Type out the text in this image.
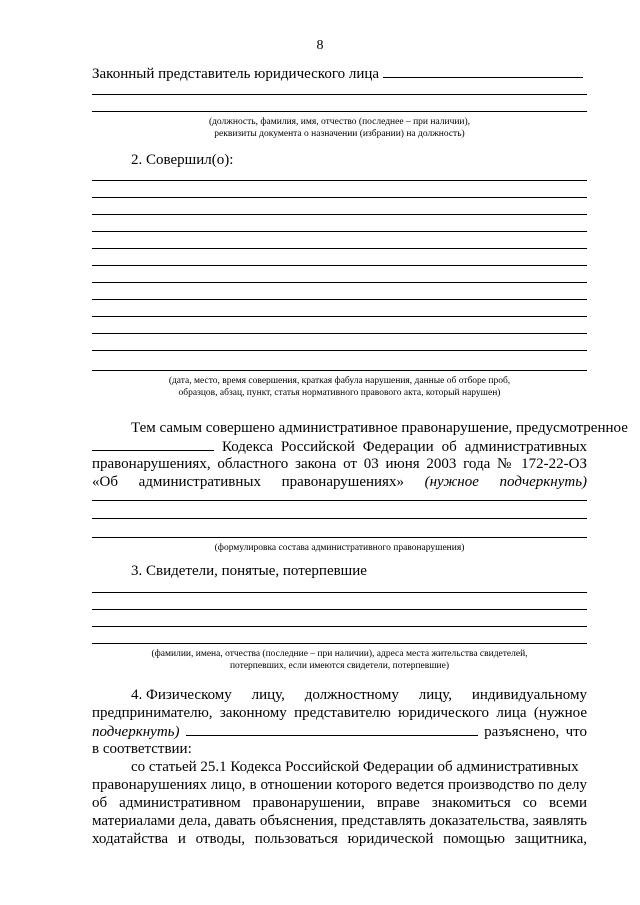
8
Законный представитель юридического лица
(должность, фамилия, имя, отчество (последнее – при наличии),
реквизиты документа о назначении (избрании) на должность)
2. Совершил(о):
(дата, место, время совершения, краткая фабула нарушения, данные об отборе проб,
образцов, абзац, пункт, статья нормативного правового акта, который нарушен)
Тем самым совершено административное правонарушение, предусмотренное
Кодекса Российской Федерации об административных
правонарушениях, областного закона от 03 июня 2003 года № 172-22-ОЗ
«Об административных правонарушениях» (нужное подчеркнуть)
(формулировка состава административного правонарушения)
3. Свидетели, понятые, потерпевшие
(фамилии, имена, отчества (последние – при наличии), адреса места жительства свидетелей,
потерпевших, если имеются свидетели, потерпевшие)
4. Физическому лицу, должностному лицу, индивидуальному
предпринимателю, законному представителю юридического лица (нужное
подчеркнуть)	разъяснено, что
в соответствии:
со статьей 25.1 Кодекса Российской Федерации об административных
правонарушениях лицо, в отношении которого ведется производство по делу
об административном правонарушении, вправе знакомиться со всеми
материалами дела, давать объяснения, представлять доказательства, заявлять
ходатайства и отводы, пользоваться юридической помощью защитника,
